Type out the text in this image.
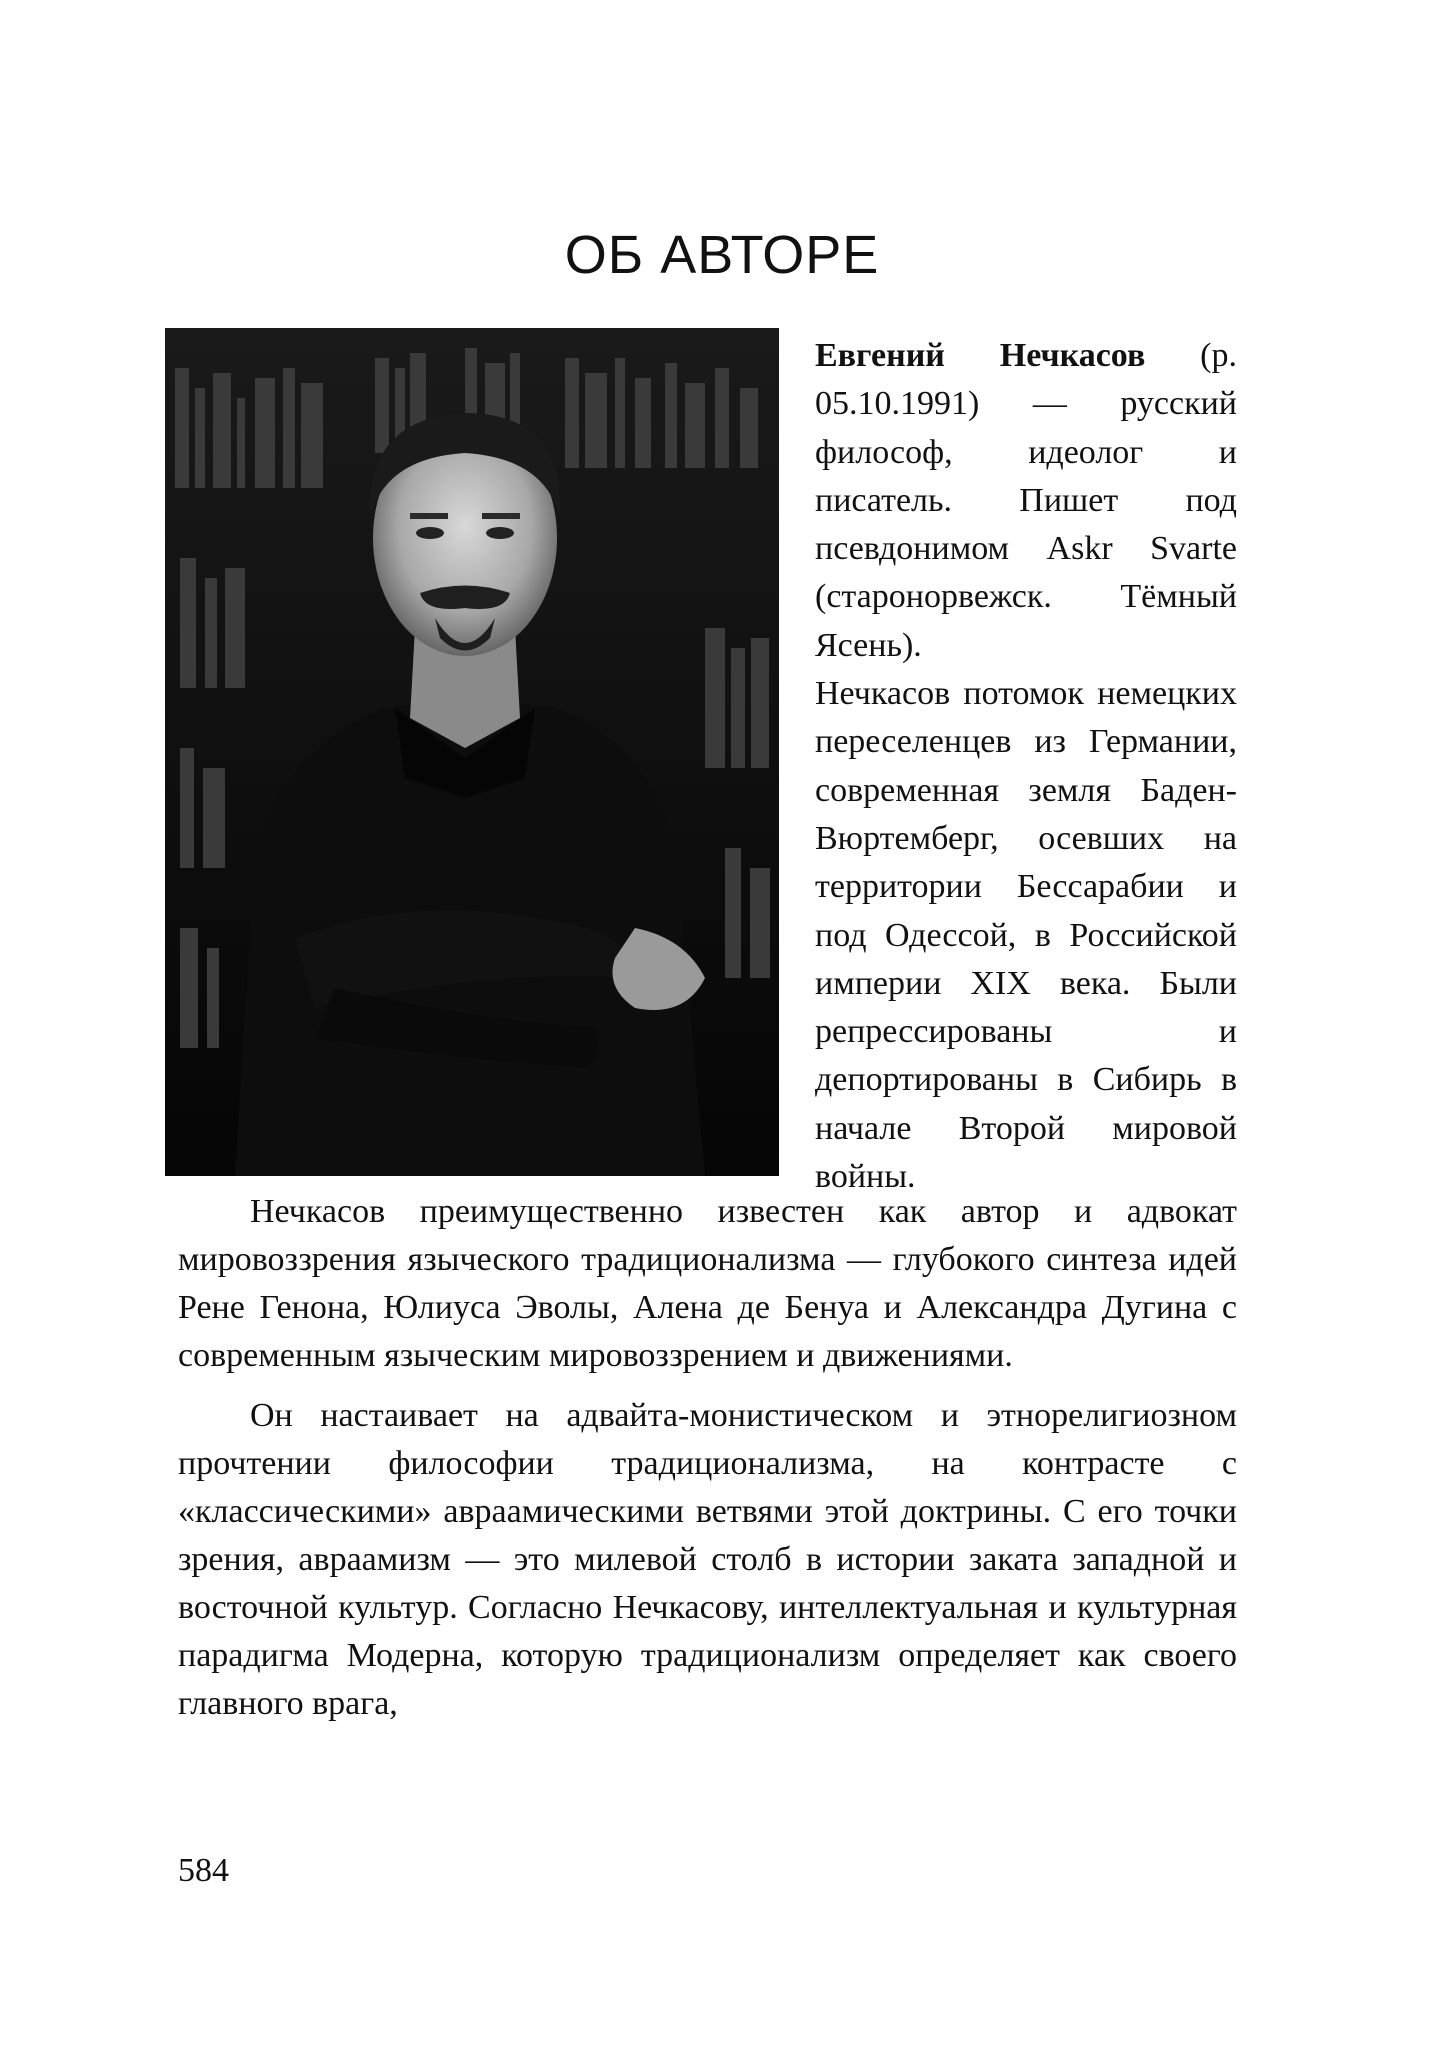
ОБ АВТОРЕ

Евгений Нечкасов (р. 05.10.1991) — русский философ, идеолог и писатель. Пишет под псевдонимом Askr Svarte (старонорвежск. Тёмный Ясень).

Нечкасов потомок немецких переселенцев из Германии, современная земля Баден-Вюртемберг, осевших на территории Бессарабии и под Одессой, в Российской империи XIX века. Были репрессированы и депортированы в Сибирь в начале Второй мировой войны.

Нечкасов преимущественно известен как автор и адвокат мировоззрения языческого традиционализма — глубокого синтеза идей Рене Генона, Юлиуса Эволы, Алена де Бенуа и Александра Дугина с современным языческим мировоззрением и движениями.

Он настаивает на адвайта-монистическом и этнорелигиозном прочтении философии традиционализма, на контрасте с «классическими» авраамическими ветвями этой доктрины. С его точки зрения, авраамизм — это милевой столб в истории заката западной и восточной культур. Согласно Нечкасову, интеллектуальная и культурная парадигма Модерна, которую традиционализм определяет как своего главного врага,

584
